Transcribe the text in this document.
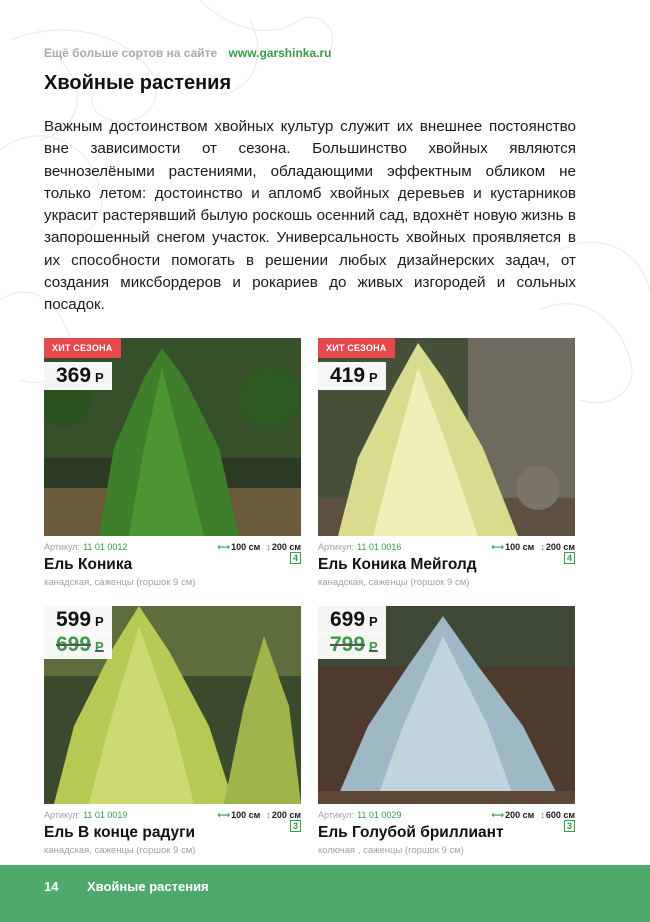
Ещё больше сортов на сайте www.garshinka.ru
Хвойные растения

Важным достоинством хвойных культур служит их внешнее постоянство вне зависимости от сезона. Большинство хвойных являются вечнозелёными растениями, обладающими эффектным обликом не только летом: достоинство и апломб хвойных деревьев и кустарников украсит растерявший былую роскошь осенний сад, вдохнёт новую жизнь в запорошенный снегом участок. Универсальность хвойных проявляется в их способности помогать в решении любых дизайнерских задач, от создания миксбордеров и рокариев до живых изгородей и сольных посадок.

ХИТ СЕЗОНА
369 Р
Артикул: 11 01 0012	⟷100 см ↕200 см
Ель Коника	4
канадская, саженцы (горшок 9 см)
ХИТ СЕЗОНА
419 Р
Артикул: 11 01 0016	⟷100 см ↕200 см
Ель Коника Мейголд	4
канадская, саженцы (горшок 9 см)
599 Р
699 Р
Артикул: 11 01 0019	⟷100 см ↕200 см
Ель В конце радуги	3
канадская, саженцы (горшок 9 см)
699 Р
799 Р
Артикул: 11 01 0029	⟷200 см ↕600 см
Ель Голубой бриллиант	3
колючая , саженцы (горшок 9 см)
14 Хвойные растения
